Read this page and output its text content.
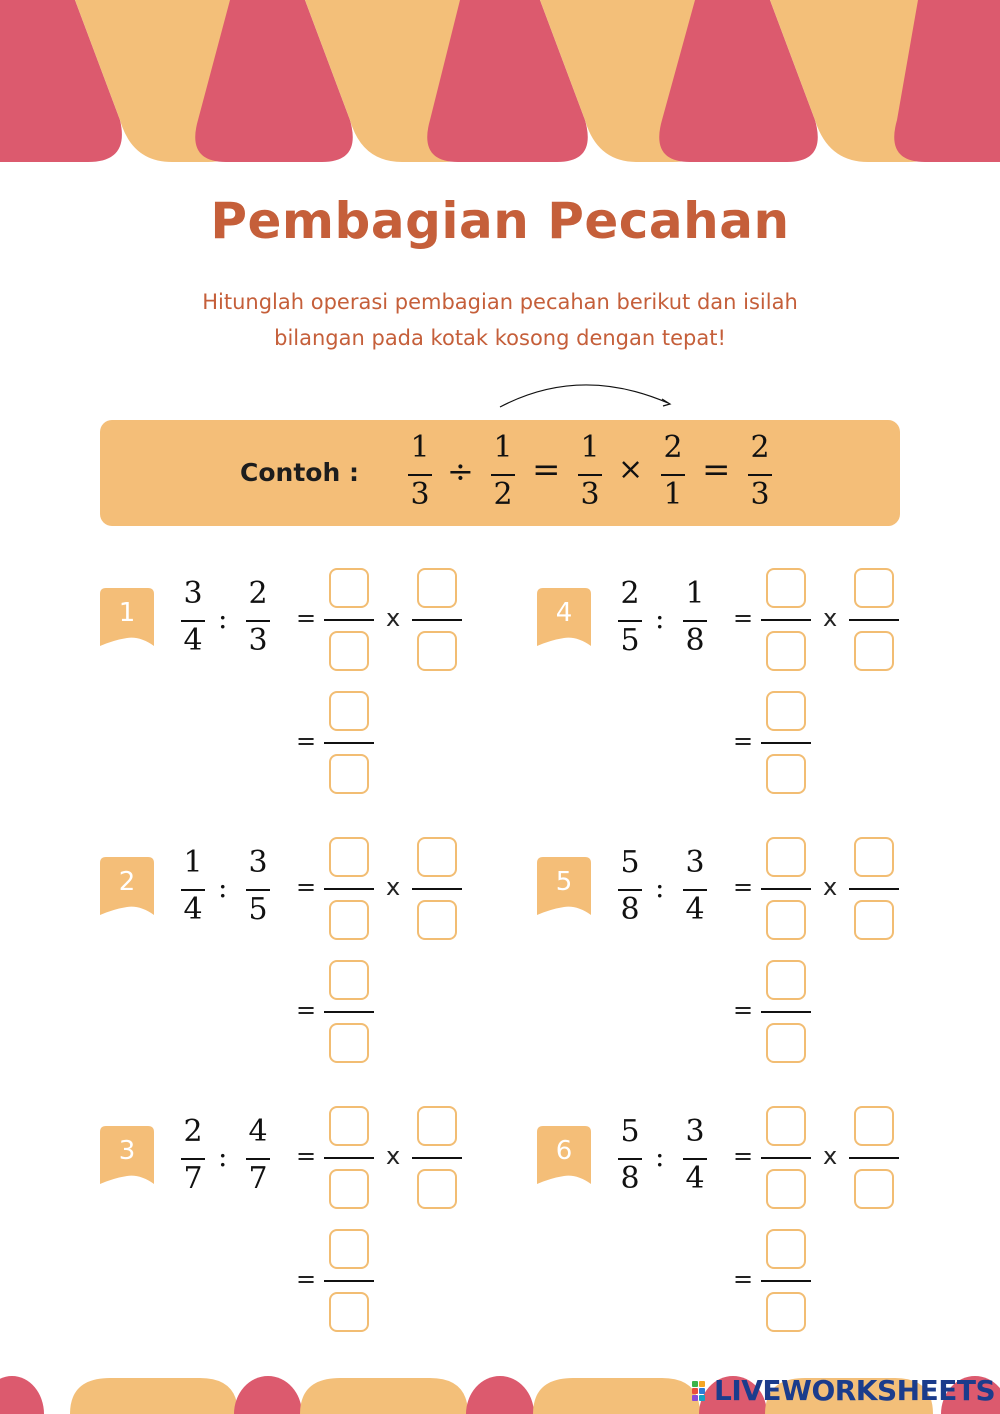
Pembagian Pecahan
Hitunglah operasi pembagian pecahan berikut dan isilah
bilangan pada kotak kosong dengan tepat!
Contoh :
1
3
÷
1
2
=
1
3
×
2
1
=
2
3
1
3
4
:
2
3
=	x
=
2
1
4
:
3
5
=	x
=
3
2
7
:
4
7
=	x
=
4
2
5
:
1
8
=	x
=
5
5
8
:
3
4
=	x
=
6
5
8
:
3
4
=	x
=
LIVEWORKSHEETS
